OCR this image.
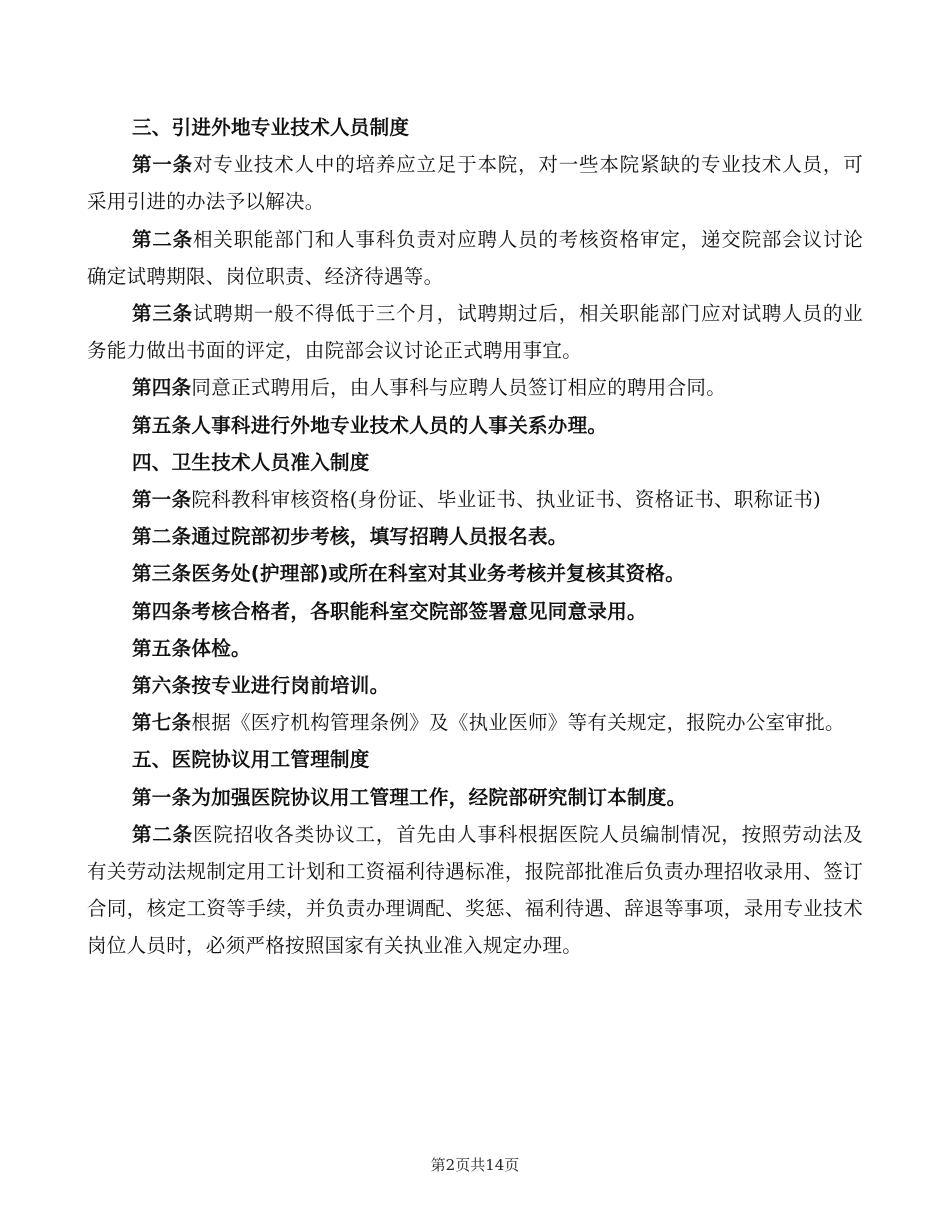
三、引进外地专业技术人员制度

第一条对专业技术人中的培养应立足于本院，对一些本院紧缺的专业技术人员，可采用引进的办法予以解决。

第二条相关职能部门和人事科负责对应聘人员的考核资格审定，递交院部会议讨论确定试聘期限、岗位职责、经济待遇等。

第三条试聘期一般不得低于三个月，试聘期过后，相关职能部门应对试聘人员的业务能力做出书面的评定，由院部会议讨论正式聘用事宜。

第四条同意正式聘用后，由人事科与应聘人员签订相应的聘用合同。

第五条人事科进行外地专业技术人员的人事关系办理。

四、卫生技术人员准入制度

第一条院科教科审核资格(身份证、毕业证书、执业证书、资格证书、职称证书)

第二条通过院部初步考核，填写招聘人员报名表。

第三条医务处(护理部)或所在科室对其业务考核并复核其资格。

第四条考核合格者，各职能科室交院部签署意见同意录用。

第五条体检。

第六条按专业进行岗前培训。

第七条根据《医疗机构管理条例》及《执业医师》等有关规定，报院办公室审批。

五、医院协议用工管理制度

第一条为加强医院协议用工管理工作，经院部研究制订本制度。

第二条医院招收各类协议工，首先由人事科根据医院人员编制情况，按照劳动法及有关劳动法规制定用工计划和工资福利待遇标准，报院部批准后负责办理招收录用、签订合同，核定工资等手续，并负责办理调配、奖惩、福利待遇、辞退等事项，录用专业技术岗位人员时，必须严格按照国家有关执业准入规定办理。

第2页共14页
